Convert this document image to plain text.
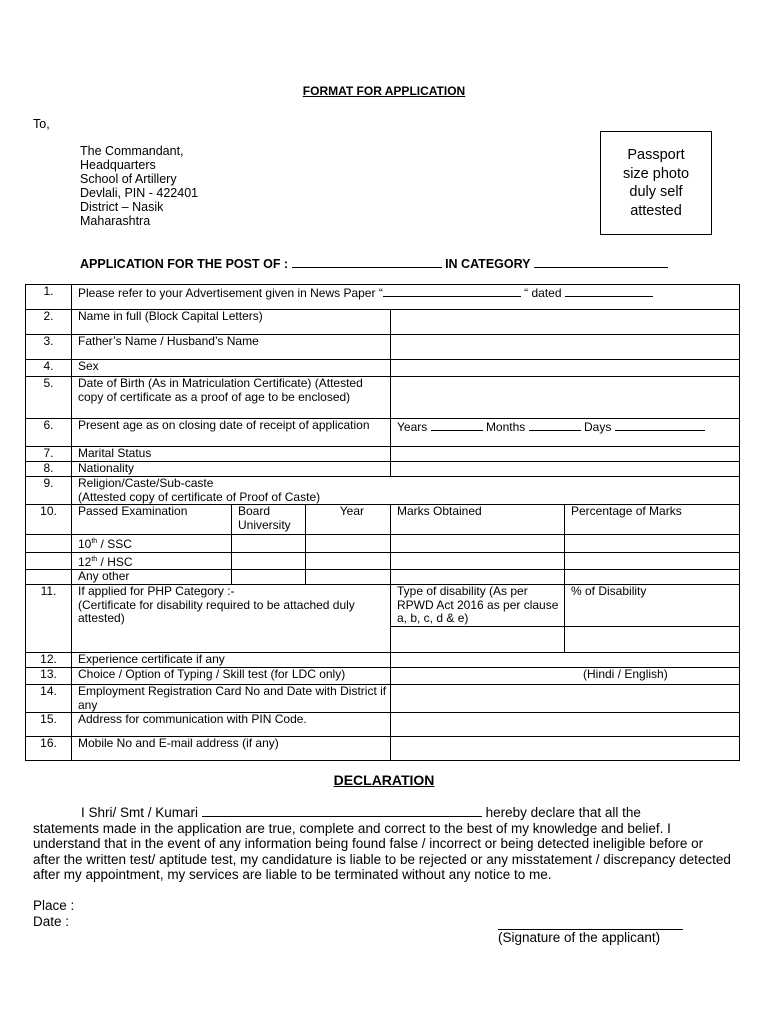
FORMAT FOR APPLICATION
To,
The Commandant,
Headquarters
School of Artillery
Devlali, PIN - 422401
District – Nasik
Maharashtra
Passport
size photo
duly self
attested
APPLICATION FOR THE POST OF :	IN CATEGORY
1.	Please refer to your Advertisement given in News Paper “ “ dated				
2.	Name in full (Block Capital Letters)				
3.	Father’s Name / Husband’s Name				
4.	Sex				
5.	Date of Birth (As in Matriculation Certificate) (Attested copy of certificate as a proof of age to be enclosed)				
6.	Present age as on closing date of receipt of application			Years Months Days	
7.	Marital Status				
8.	Nationality				
9.	Religion/Caste/Sub-caste
(Attested copy of certificate of Proof of Caste)				

10.	Passed Examination	Board University	Year	Marks Obtained	Percentage of Marks
	10th / SSC				
	12th / HSC				
	Any other				
11.	If applied for PHP Category :-
(Certificate for disability required to be attached duly attested)			Type of disability (As per RPWD Act 2016 as per clause a, b, c, d & e)	% of Disability

12.	Experience certificate if any				
13.	Choice / Option of Typing / Skill test (for LDC only)			(Hindi / English)	
14.	Employment Registration Card No and Date with District if any				
15.	Address for communication with PIN Code.				
16.	Mobile No and E-mail address (if any)				
DECLARATION
I Shri/ Smt / Kumari	hereby declare that all the
statements made in the application are true, complete and correct to the best of my knowledge and belief. I understand that in the event of any information being found false / incorrect or being detected ineligible before or after the written test/ aptitude test, my candidature is liable to be rejected or any misstatement / discrepancy detected after my appointment, my services are liable to be terminated without any notice to me.
Place :
Date :
(Signature of the applicant)
